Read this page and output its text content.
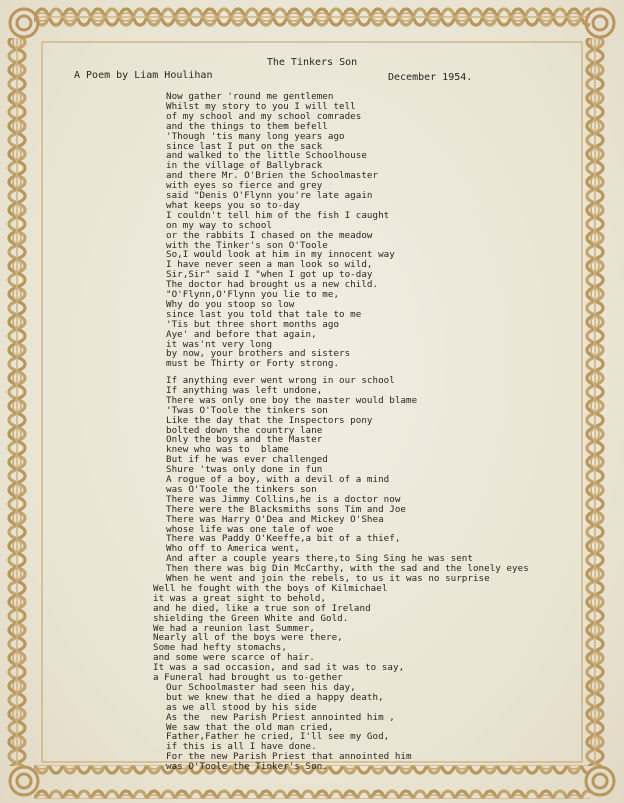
The Tinkers Son
A Poem by Liam Houlihan	December 1954.
Now gather 'round me gentlemen
Whilst my story to you I will tell
of my school and my school comrades
and the things to them befell
'Though 'tis many long years ago
since last I put on the sack
and walked to the little Schoolhouse
in the village of Ballybrack
and there Mr. O'Brien the Schoolmaster
with eyes so fierce and grey
said "Denis O'Flynn you're late again
what keeps you so to-day
I couldn't tell him of the fish I caught
on my way to school
or the rabbits I chased on the meadow
with the Tinker's son O'Toole
So,I would look at him in my innocent way
I have never seen a man look so wild,
Sir,Sir" said I "when I got up to-day
The doctor had brought us a new child.
"O'Flynn,O'Flynn you lie to me,
Why do you stoop so low
since last you told that tale to me
'Tis but three short months ago
Aye' and before that again,
it was'nt very long
by now, your brothers and sisters
must be Thirty or Forty strong.
If anything ever went wrong in our school
If anything was left undone,
There was only one boy the master would blame
'Twas O'Toole the tinkers son
Like the day that the Inspectors pony
bolted down the country lane
Only the boys and the Master
knew who was to  blame
But if he was ever challenged
Shure 'twas only done in fun
A rogue of a boy, with a devil of a mind
was O'Toole the tinkers son
There was Jimmy Collins,he is a doctor now
There were the Blacksmiths sons Tim and Joe
There was Harry O'Dea and Mickey O'Shea
whose life was one tale of woe
There was Paddy O'Keeffe,a bit of a thief,
Who off to America went,
And after a couple years there,to Sing Sing he was sent
Then there was big Din McCarthy, with the sad and the lonely eyes
When he went and join the rebels, to us it was no surprise
Well he fought with the boys of Kilmichael
it was a great sight to behold,
and he died, like a true son of Ireland
shielding the Green White and Gold.
We had a reunion last Summer,
Nearly all of the boys were there,
Some had hefty stomachs,
and some were scarce of hair.
It was a sad occasion, and sad it was to say,
a Funeral had brought us to-gether
Our Schoolmaster had seen his day,
but we knew that he died a happy death,
as we all stood by his side
As the  new Parish Priest annointed him ,
We saw that the old man cried,
Father,Father he cried, I'll see my God,
if this is all I have done.
For the new Parish Priest that annointed him
was O'Toole the Tinker's Son.
